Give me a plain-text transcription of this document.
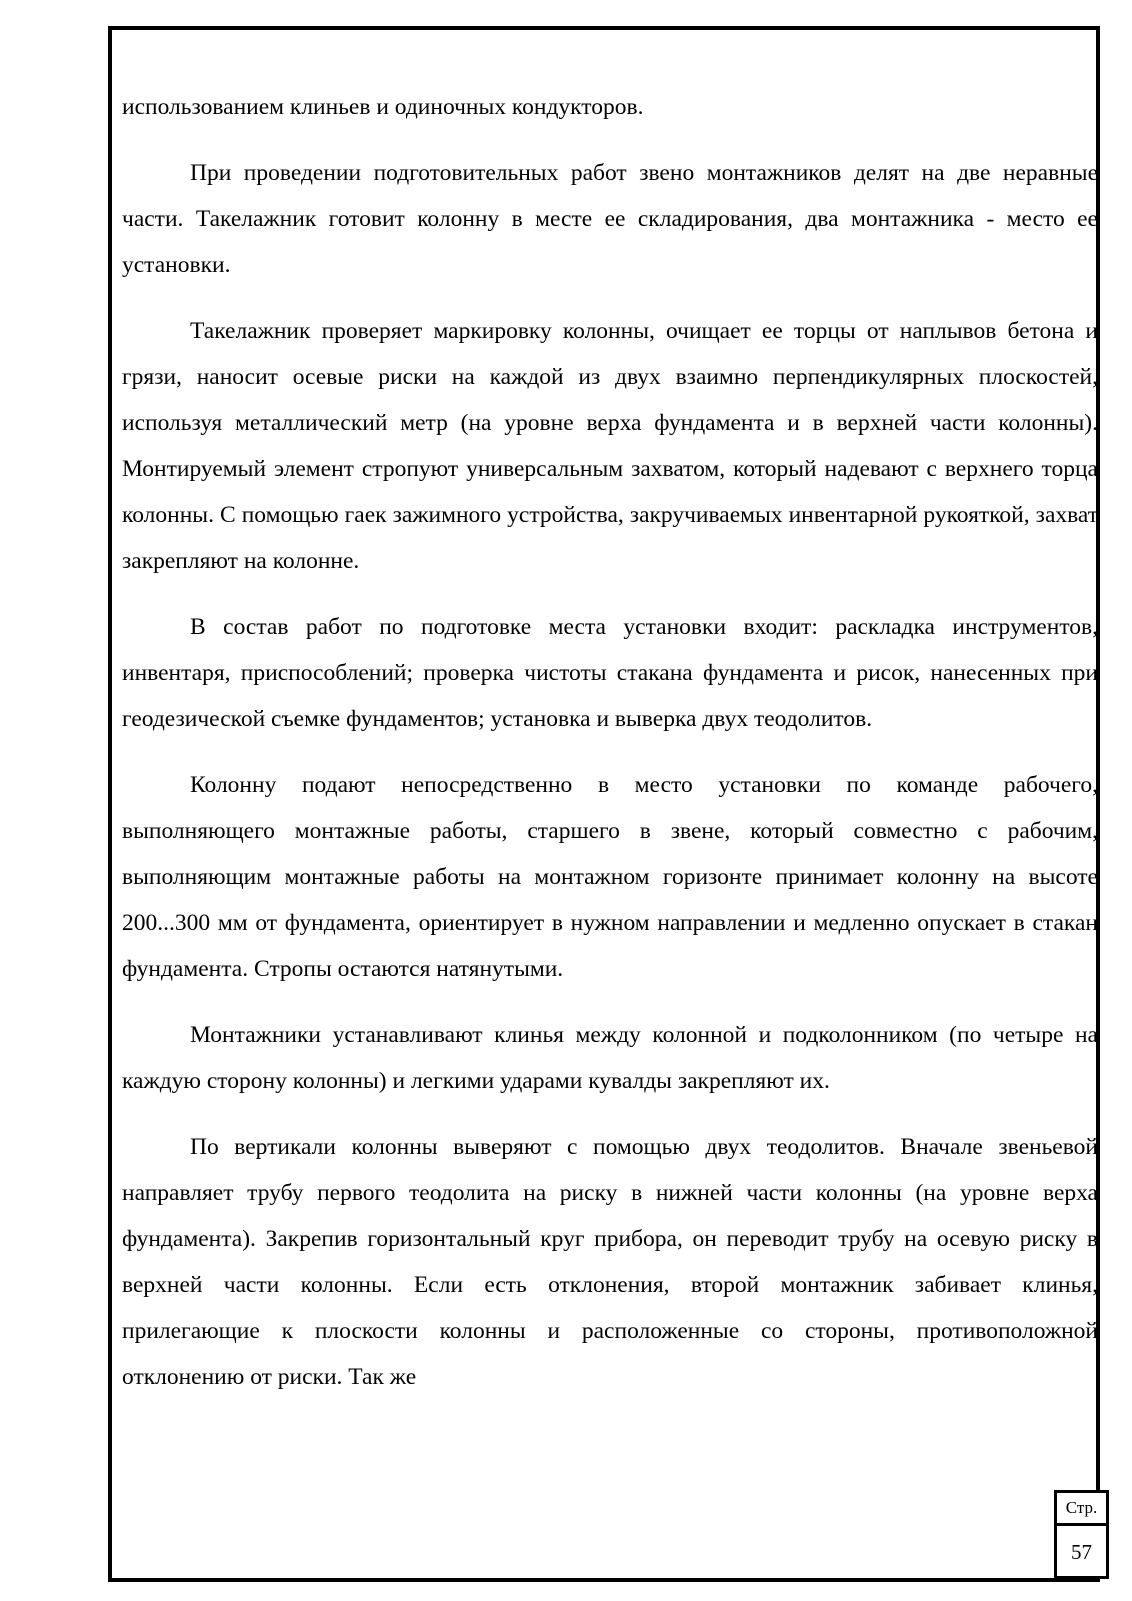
использованием клиньев и одиночных кондукторов.

При проведении подготовительных работ звено монтажников делят на две неравные части. Такелажник готовит колонну в месте ее складирования, два монтажника - место ее установки.

Такелажник проверяет маркировку колонны, очищает ее торцы от наплывов бетона и грязи, наносит осевые риски на каждой из двух взаимно перпендикулярных плоскостей, используя металлический метр (на уровне верха фундамента и в верхней части колонны). Монтируемый элемент стропуют универсальным захватом, который надевают с верхнего торца колонны. С помощью гаек зажимного устройства, закручиваемых инвентарной рукояткой, захват закрепляют на колонне.

В состав работ по подготовке места установки входит: раскладка инструментов, инвентаря, приспособлений; проверка чистоты стакана фундамента и рисок, нанесенных при геодезической съемке фундаментов; установка и выверка двух теодолитов.

Колонну подают непосредственно в место установки по команде рабочего, выполняющего монтажные работы, старшего в звене, который совместно с рабочим, выполняющим монтажные работы на монтажном горизонте принимает колонну на высоте 200...300 мм от фундамента, ориентирует в нужном направлении и медленно опускает в стакан фундамента. Стропы остаются натянутыми.

Монтажники устанавливают клинья между колонной и подколонником (по четыре на каждую сторону колонны) и легкими ударами кувалды закрепляют их.

По вертикали колонны выверяют с помощью двух теодолитов. Вначале звеньевой направляет трубу первого теодолита на риску в нижней части колонны (на уровне верха фундамента). Закрепив горизонтальный круг прибора, он переводит трубу на осевую риску в верхней части колонны. Если есть отклонения, второй монтажник забивает клинья, прилегающие к плоскости колонны и расположенные со стороны, противоположной отклонению от риски. Так же

Стр.
57
